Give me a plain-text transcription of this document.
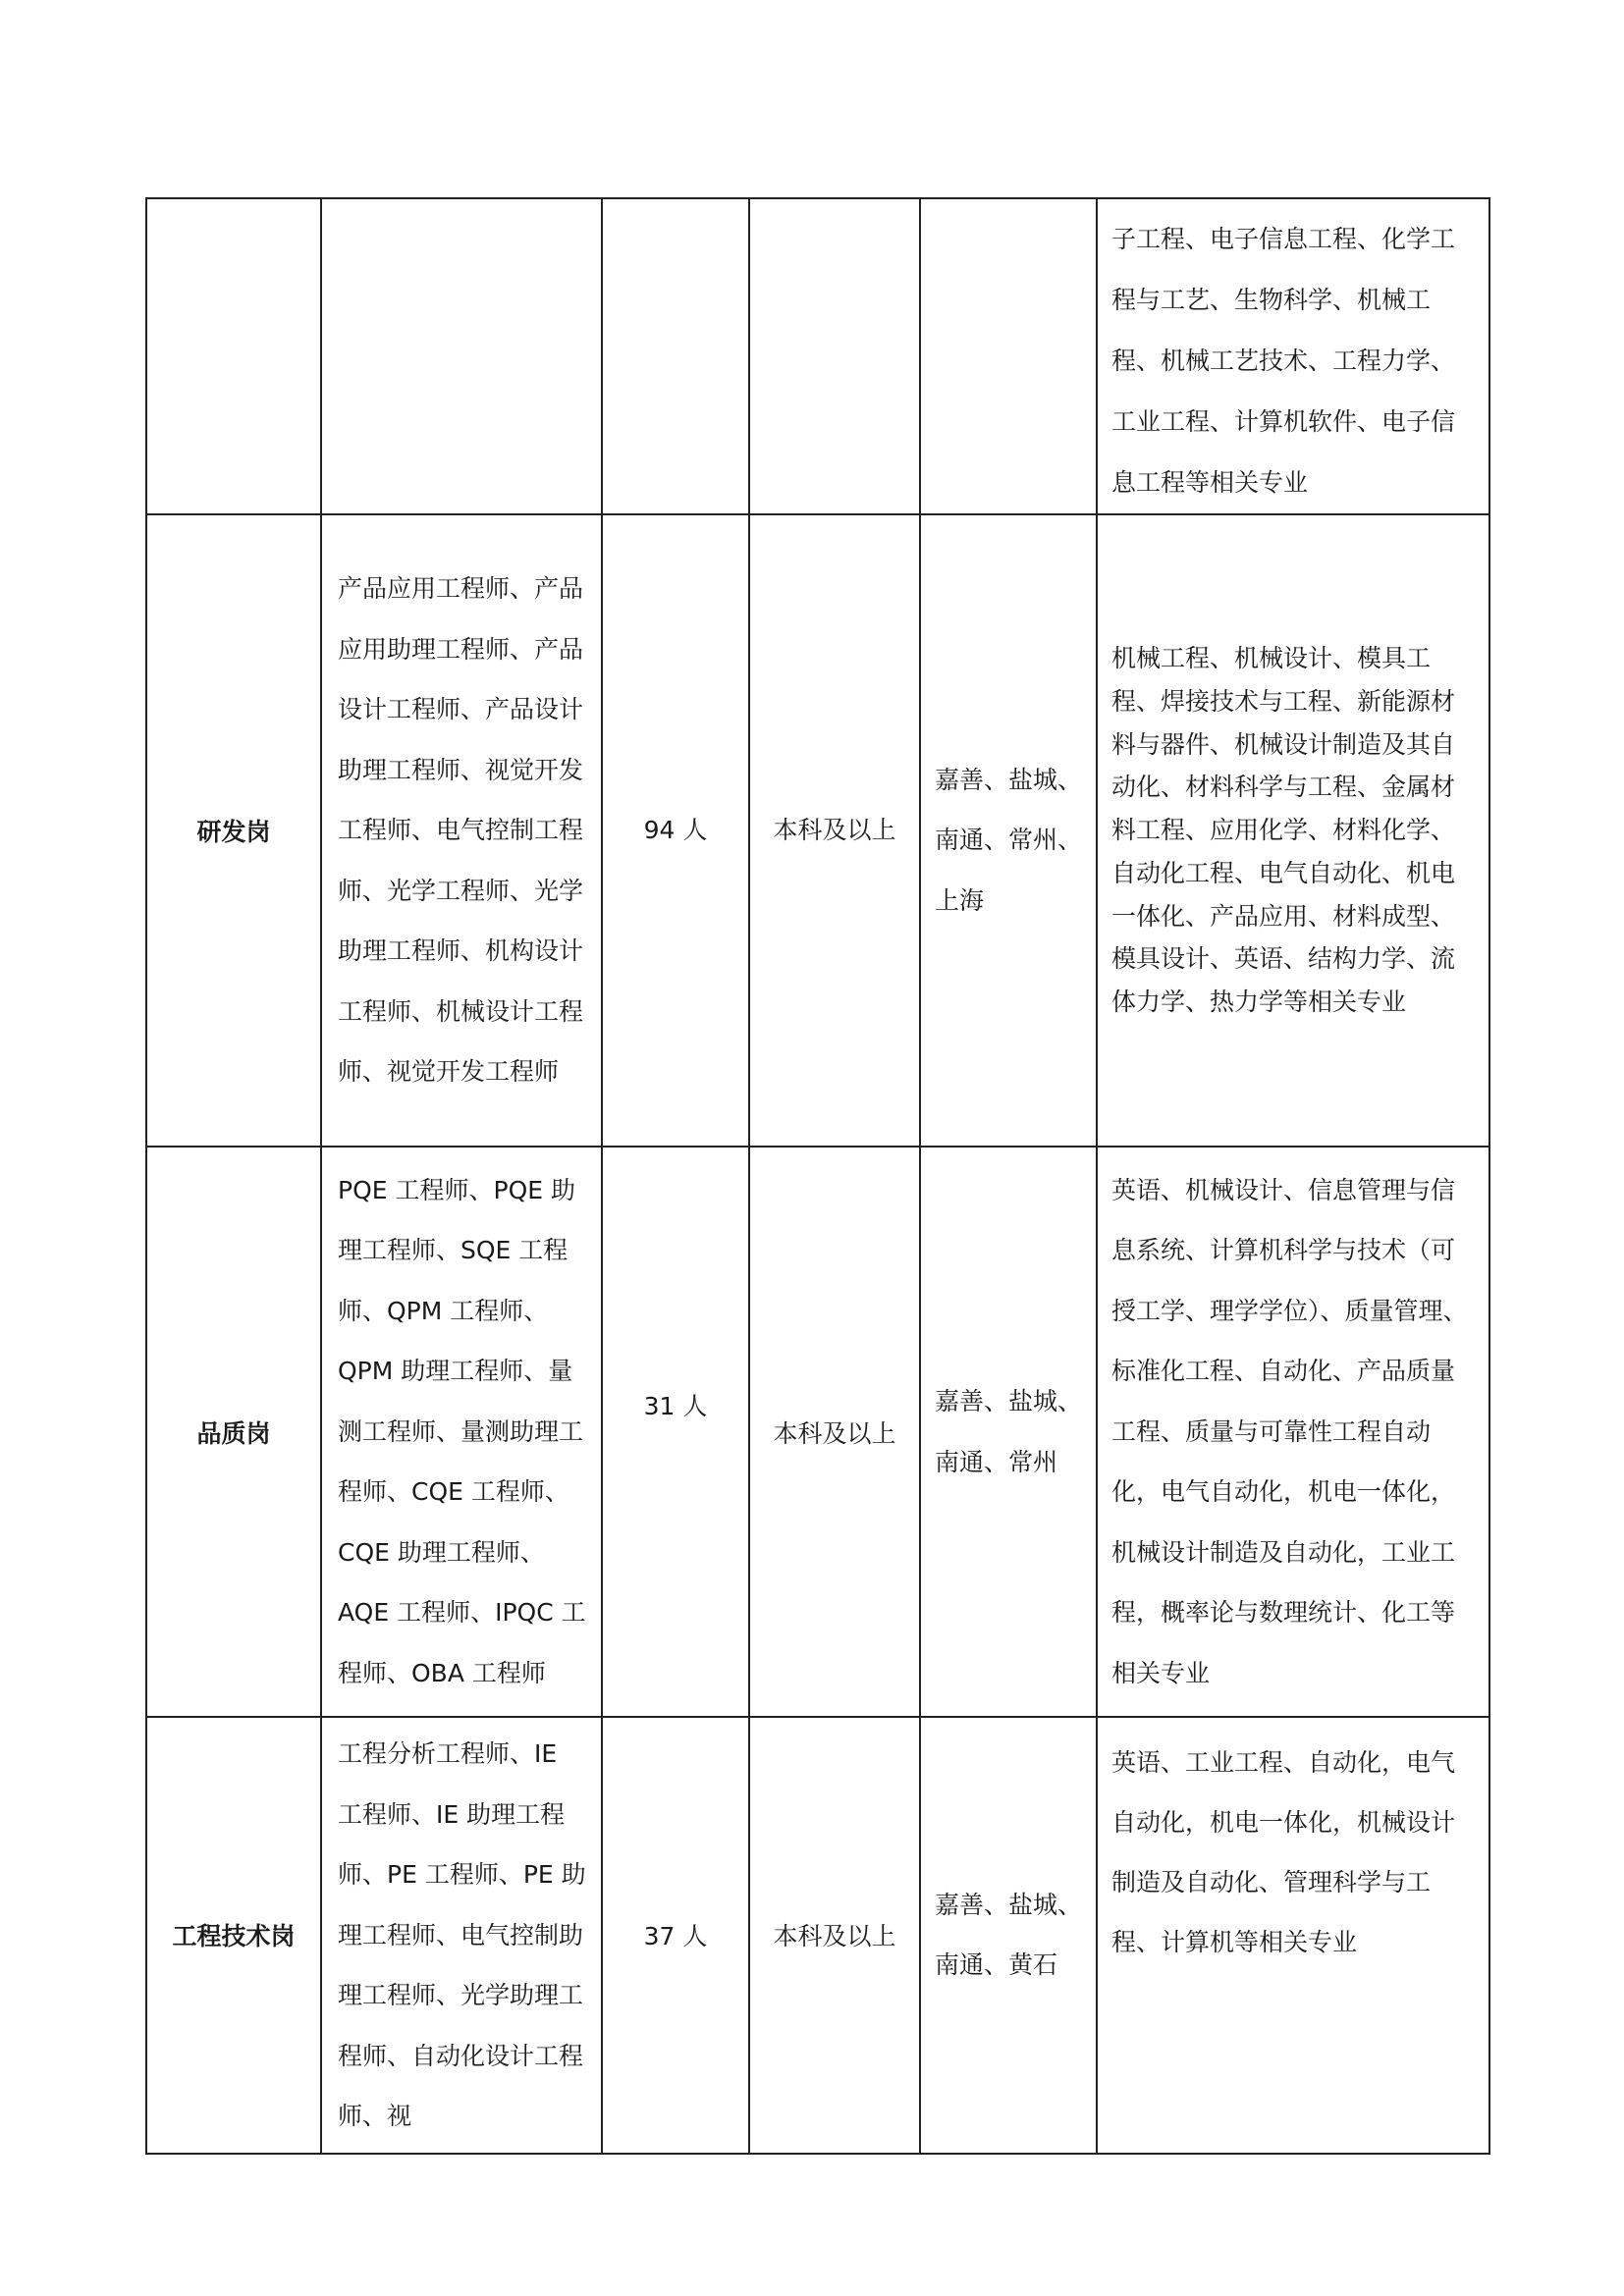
					子工程、电子信息工程、化学工程与工艺、生物科学、机械工程、机械工艺技术、工程力学、工业工程、计算机软件、电子信息工程等相关专业
研发岗	产品应用工程师、产品应用助理工程师、产品设计工程师、产品设计助理工程师、视觉开发工程师、电气控制工程师、光学工程师、光学助理工程师、机构设计工程师、机械设计工程师、视觉开发工程师	94 人	本科及以上	嘉善、盐城、南通、常州、上海	机械工程、机械设计、模具工程、焊接技术与工程、新能源材料与器件、机械设计制造及其自动化、材料科学与工程、金属材料工程、应用化学、材料化学、自动化工程、电气自动化、机电一体化、产品应用、材料成型、模具设计、英语、结构力学、流体力学、热力学等相关专业
品质岗	PQE 工程师、PQE 助理工程师、SQE 工程师、QPM 工程师、QPM 助理工程师、量测工程师、量测助理工程师、CQE 工程师、CQE 助理工程师、AQE 工程师、IPQC 工程师、OBA 工程师	31 人	本科及以上	嘉善、盐城、南通、常州	英语、机械设计、信息管理与信息系统、计算机科学与技术（可授工学、理学学位）、质量管理、标准化工程、自动化、产品质量工程、质量与可靠性工程自动化，电气自动化，机电一体化，机械设计制造及自动化，工业工程，概率论与数理统计、化工等相关专业
工程技术岗	工程分析工程师、IE 工程师、IE 助理工程师、PE 工程师、PE 助理工程师、电气控制助理工程师、光学助理工程师、自动化设计工程师、视	37 人	本科及以上	嘉善、盐城、南通、黄石	英语、工业工程、自动化，电气自动化，机电一体化，机械设计制造及自动化、管理科学与工程、计算机等相关专业
